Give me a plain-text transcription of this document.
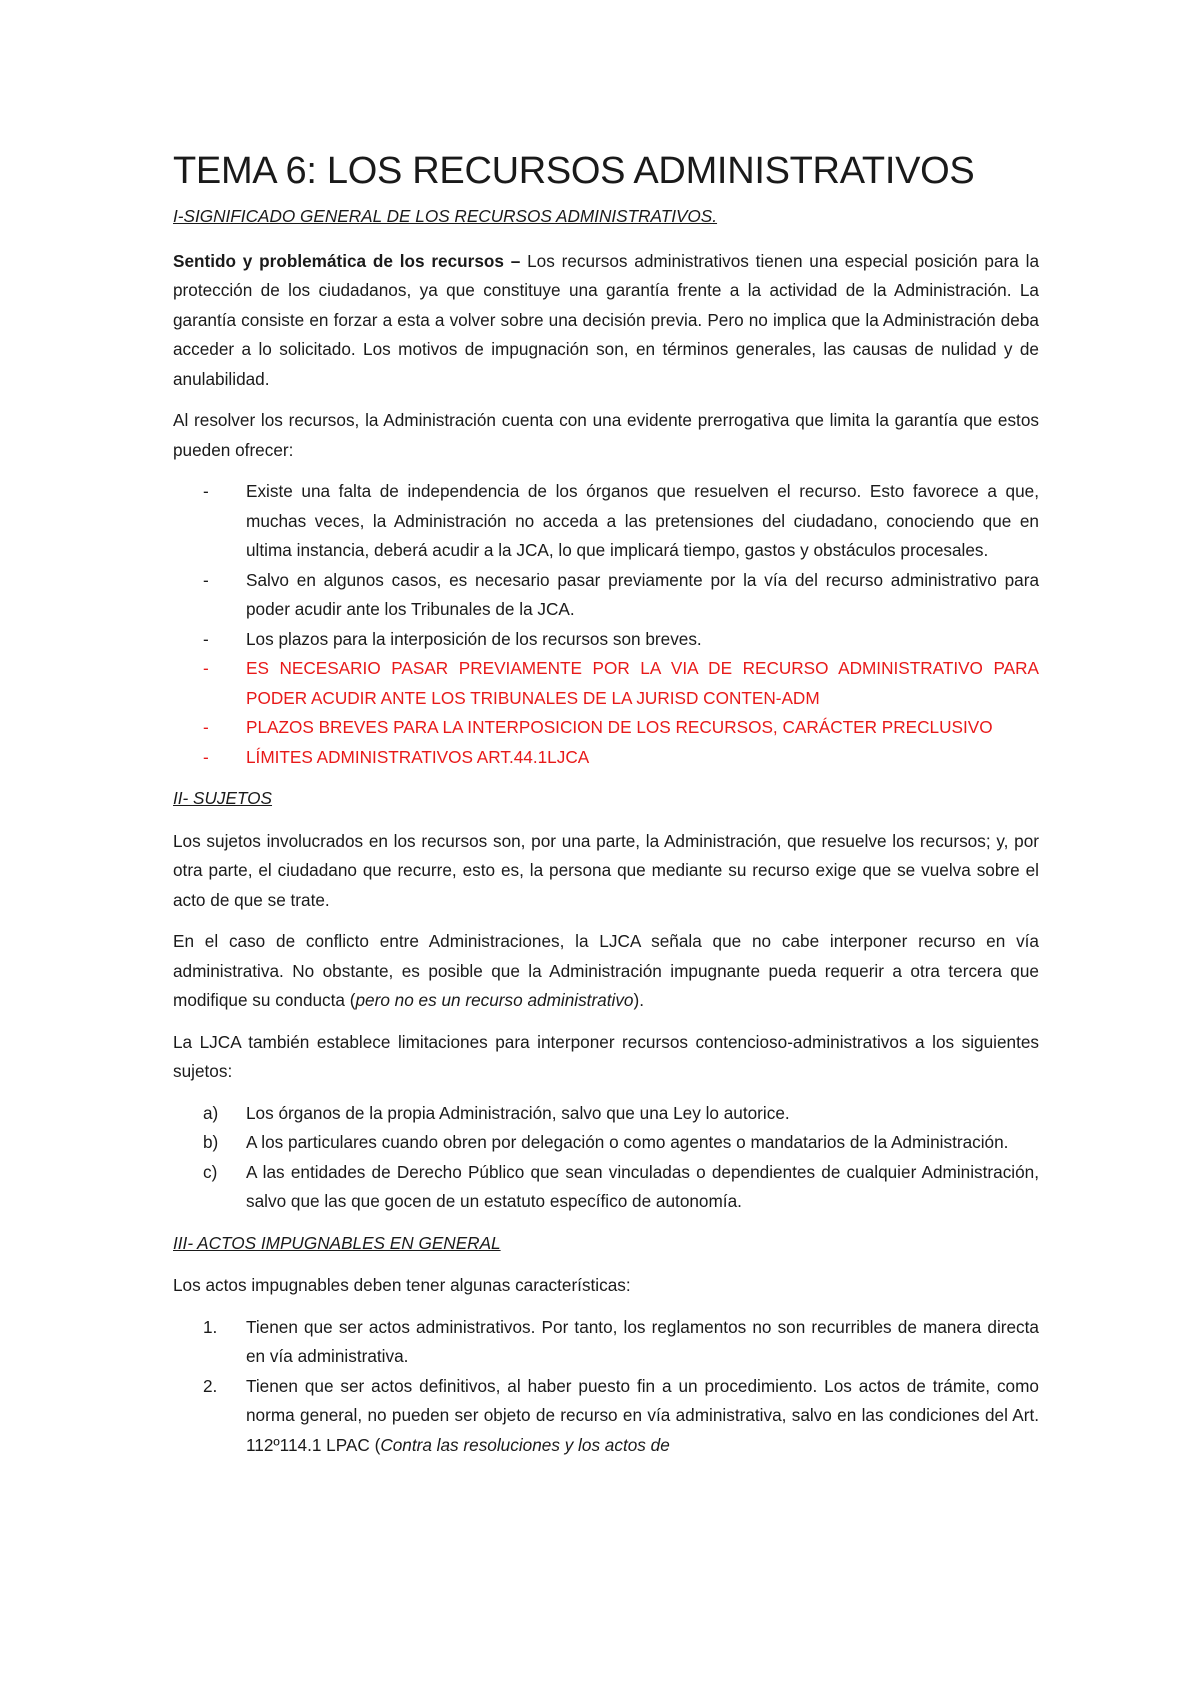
TEMA 6: LOS RECURSOS ADMINISTRATIVOS
I-SIGNIFICADO GENERAL DE LOS RECURSOS ADMINISTRATIVOS.

Sentido y problemática de los recursos – Los recursos administrativos tienen una especial posición para la protección de los ciudadanos, ya que constituye una garantía frente a la actividad de la Administración. La garantía consiste en forzar a esta a volver sobre una decisión previa. Pero no implica que la Administración deba acceder a lo solicitado. Los motivos de impugnación son, en términos generales, las causas de nulidad y de anulabilidad.

Al resolver los recursos, la Administración cuenta con una evidente prerrogativa que limita la garantía que estos pueden ofrecer:

- Existe una falta de independencia de los órganos que resuelven el recurso. Esto favorece a que, muchas veces, la Administración no acceda a las pretensiones del ciudadano, conociendo que en ultima instancia, deberá acudir a la JCA, lo que implicará tiempo, gastos y obstáculos procesales.
- Salvo en algunos casos, es necesario pasar previamente por la vía del recurso administrativo para poder acudir ante los Tribunales de la JCA.
- Los plazos para la interposición de los recursos son breves.
- ES NECESARIO PASAR PREVIAMENTE POR LA VIA DE RECURSO ADMINISTRATIVO PARA PODER ACUDIR ANTE LOS TRIBUNALES DE LA JURISD CONTEN-ADM
- PLAZOS BREVES PARA LA INTERPOSICION DE LOS RECURSOS, CARÁCTER PRECLUSIVO
- LÍMITES ADMINISTRATIVOS ART.44.1LJCA
II- SUJETOS

Los sujetos involucrados en los recursos son, por una parte, la Administración, que resuelve los recursos; y, por otra parte, el ciudadano que recurre, esto es, la persona que mediante su recurso exige que se vuelva sobre el acto de que se trate.

En el caso de conflicto entre Administraciones, la LJCA señala que no cabe interponer recurso en vía administrativa. No obstante, es posible que la Administración impugnante pueda requerir a otra tercera que modifique su conducta (pero no es un recurso administrativo).

La LJCA también establece limitaciones para interponer recursos contencioso-administrativos a los siguientes sujetos:

a) Los órganos de la propia Administración, salvo que una Ley lo autorice.
b) A los particulares cuando obren por delegación o como agentes o mandatarios de la Administración.
c) A las entidades de Derecho Público que sean vinculadas o dependientes de cualquier Administración, salvo que las que gocen de un estatuto específico de autonomía.
III- ACTOS IMPUGNABLES EN GENERAL

Los actos impugnables deben tener algunas características:

1. Tienen que ser actos administrativos. Por tanto, los reglamentos no son recurribles de manera directa en vía administrativa.
2. Tienen que ser actos definitivos, al haber puesto fin a un procedimiento. Los actos de trámite, como norma general, no pueden ser objeto de recurso en vía administrativa, salvo en las condiciones del Art. 112º114.1 LPAC (Contra las resoluciones y los actos de
